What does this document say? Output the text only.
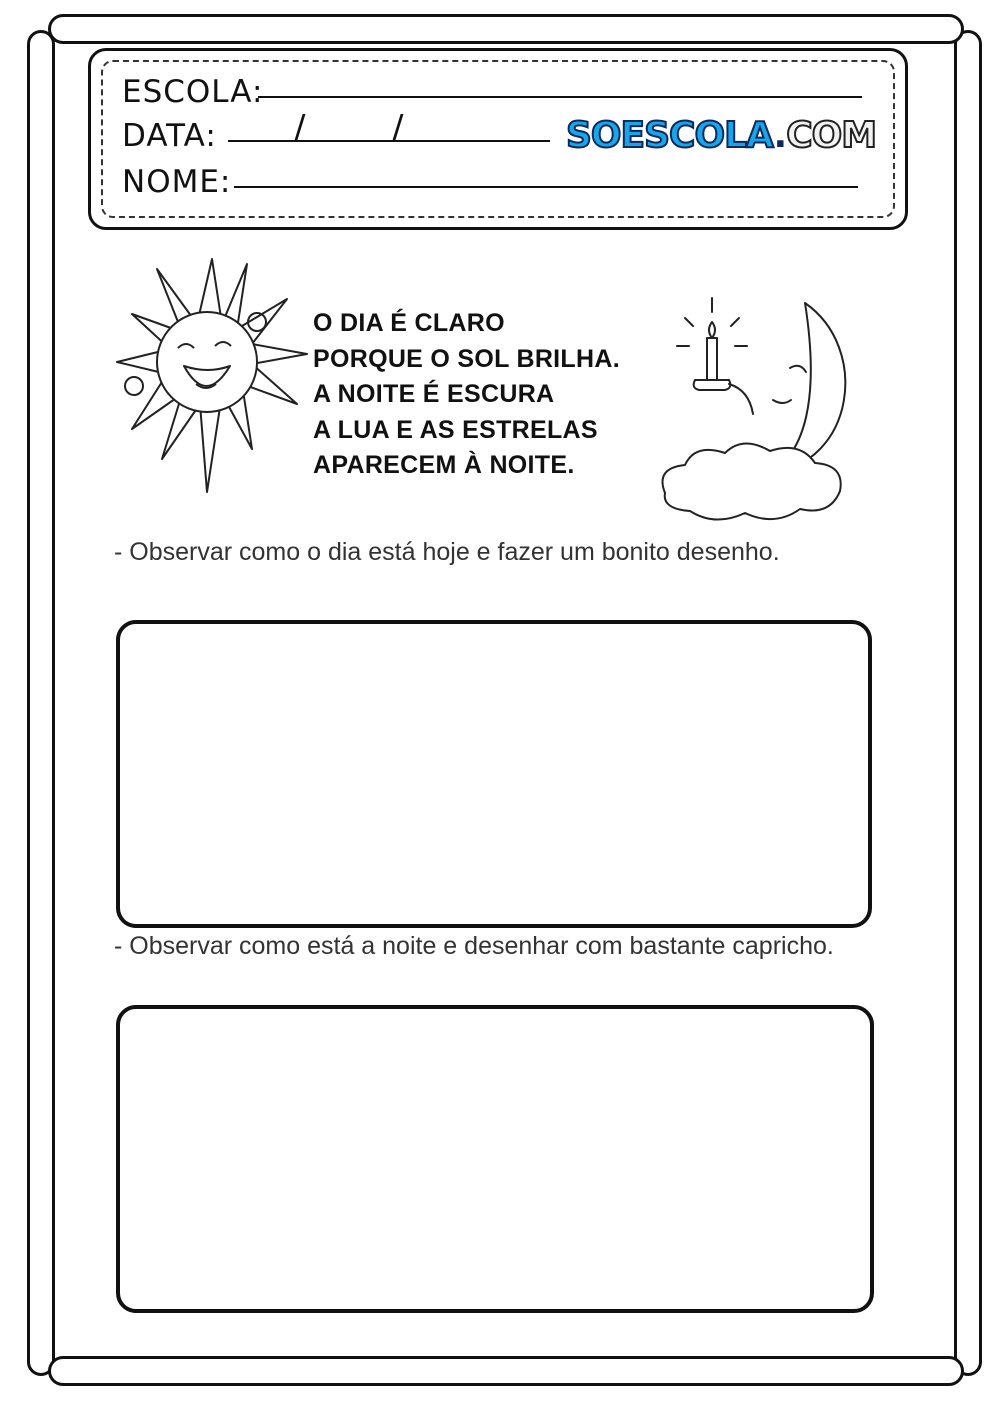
ESCOLA:
DATA: /	/
NOME:
SOESCOLA.COM
O DIA É CLARO
PORQUE O SOL BRILHA.
A NOITE É ESCURA
A LUA E AS ESTRELAS
APARECEM À NOITE.
- Observar como o dia está hoje e fazer um bonito desenho.
- Observar como está a noite e desenhar com bastante capricho.
